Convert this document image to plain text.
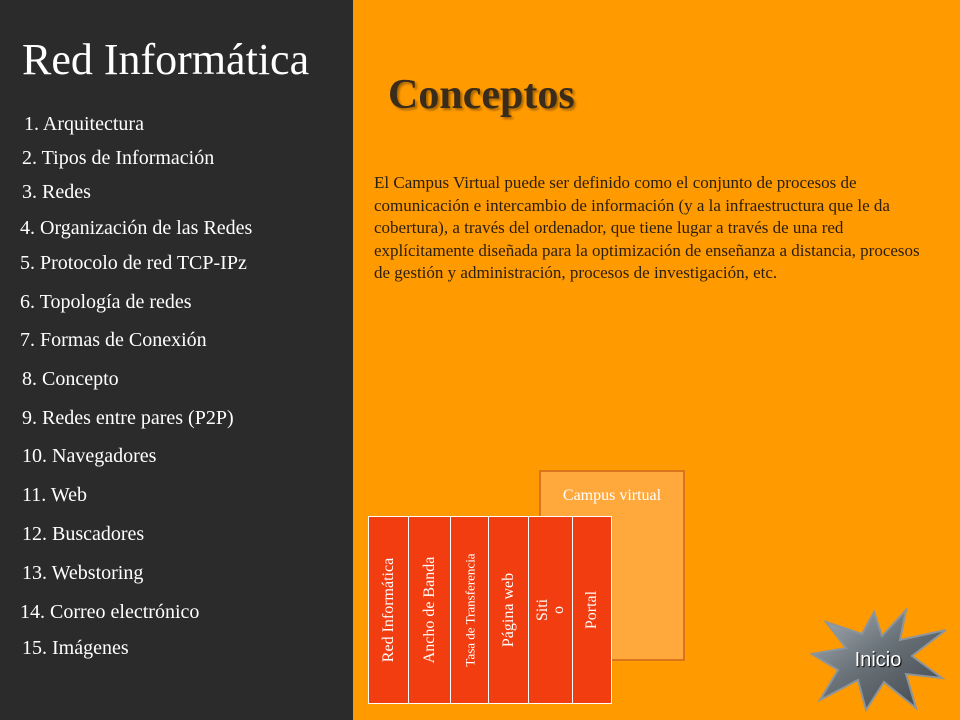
Red Informática
1. Arquitectura
2. Tipos de Información
3. Redes
4. Organización de las Redes
5. Protocolo de red TCP-IPz
6. Topología de redes
7. Formas de Conexión
8. Concepto
9. Redes entre pares (P2P)
10. Navegadores
11. Web
12. Buscadores
13. Webstoring
14. Correo electrónico
15. Imágenes
Conceptos
El Campus Virtual puede ser definido como el conjunto de procesos de comunicación e intercambio de información (y a la infraestructura que le da cobertura), a través del ordenador, que tiene lugar a través de una red explícitamente diseñada para la optimización de enseñanza a distancia, procesos de gestión y administración, procesos de investigación, etc.
Campus virtual
Red Informática Ancho de Banda Tasa de Transferencia Página web Siti o Portal
Inicio
